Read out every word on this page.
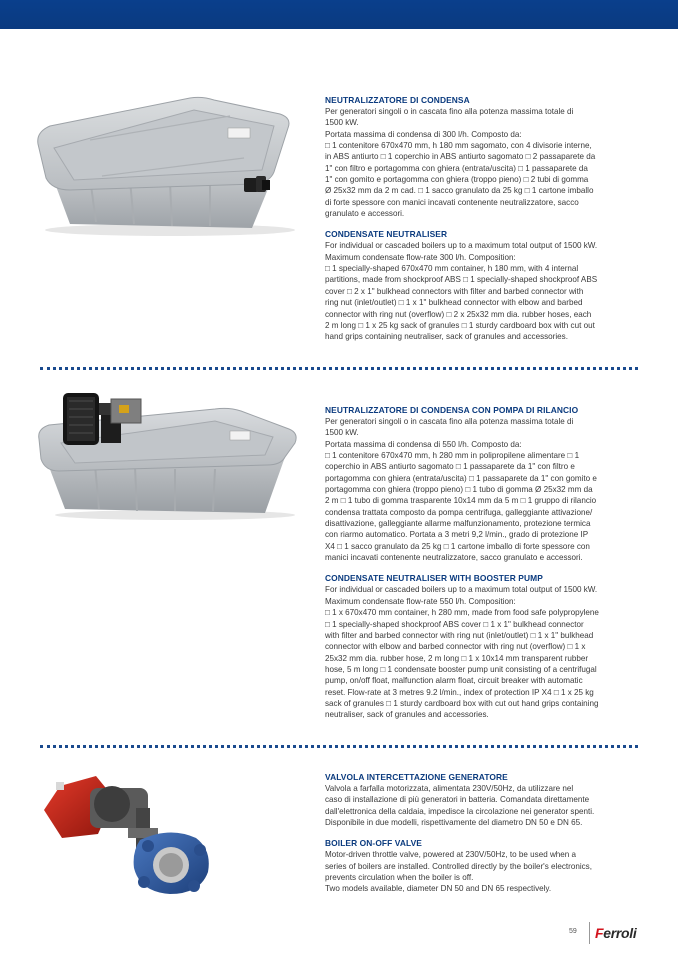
NEUTRALIZZATORE DI CONDENSA

Per generatori singoli o in cascata fino alla potenza massima totale di
1500 kW.
Portata massima di condensa di 300 l/h. Composto da:
□ 1 contenitore 670x470 mm, h 180 mm sagomato, con 4 divisorie interne,
in ABS antiurto □ 1 coperchio in ABS antiurto sagomato □ 2 passaparete da
1" con filtro e portagomma con ghiera (entrata/uscita) □ 1 passaparete da
1" con gomito e portagomma con ghiera (troppo pieno) □ 2 tubi di gomma
Ø 25x32 mm da 2 m cad. □ 1 sacco granulato da 25 kg □ 1 cartone imballo
di forte spessore con manici incavati contenente neutralizzatore, sacco
granulato e accessori.

CONDENSATE NEUTRALISER

For individual or cascaded boilers up to a maximum total output of 1500 kW.
Maximum condensate flow-rate 300 l/h. Composition:
□ 1 specially-shaped 670x470 mm container, h 180 mm, with 4 internal
partitions, made from shockproof ABS □ 1 specially-shaped shockproof ABS
cover □ 2 x 1" bulkhead connectors with filter and barbed connector with
ring nut (inlet/outlet) □ 1 x 1" bulkhead connector with elbow and barbed
connector with ring nut (overflow) □ 2 x 25x32 mm dia. rubber hoses, each
2 m long □ 1 x 25 kg sack of granules □ 1 sturdy cardboard box with cut out
hand grips containing neutraliser, sack of granules and accessories.

NEUTRALIZZATORE DI CONDENSA CON POMPA DI RILANCIO

Per generatori singoli o in cascata fino alla potenza massima totale di
1500 kW.
Portata massima di condensa di 550 l/h. Composto da:
□ 1 contenitore 670x470 mm, h 280 mm in polipropilene alimentare □ 1
coperchio in ABS antiurto sagomato □ 1 passaparete da 1" con filtro e
portagomma con ghiera (entrata/uscita) □ 1 passaparete da 1" con gomito e
portagomma con ghiera (troppo pieno) □ 1 tubo di gomma Ø 25x32 mm da
2 m □ 1 tubo di gomma trasparente 10x14 mm da 5 m □ 1 gruppo di rilancio
condensa trattata composto da pompa centrifuga, galleggiante attivazione/
disattivazione, galleggiante allarme malfunzionamento, protezione termica
con riarmo automatico. Portata a 3 metri 9,2 l/min., grado di protezione IP
X4 □ 1 sacco granulato da 25 kg □ 1 cartone imballo di forte spessore con
manici incavati contenente neutralizzatore, sacco granulato e accessori.

CONDENSATE NEUTRALISER WITH BOOSTER PUMP

For individual or cascaded boilers up to a maximum total output of 1500 kW.
Maximum condensate flow-rate 550 l/h. Composition:
□ 1 x 670x470 mm container, h 280 mm, made from food safe polypropylene
□ 1 specially-shaped shockproof ABS cover □ 1 x 1" bulkhead connector
with filter and barbed connector with ring nut (inlet/outlet) □ 1 x 1" bulkhead
connector with elbow and barbed connector with ring nut (overflow) □ 1 x
25x32 mm dia. rubber hose, 2 m long □ 1 x 10x14 mm transparent rubber
hose, 5 m long □ 1 condensate booster pump unit consisting of a centrifugal
pump, on/off float, malfunction alarm float, circuit breaker with automatic
reset. Flow-rate at 3 metres 9.2 l/min., index of protection IP X4 □ 1 x 25 kg
sack of granules □ 1 sturdy cardboard box with cut out hand grips containing
neutraliser, sack of granules and accessories.

VALVOLA INTERCETTAZIONE GENERATORE

Valvola a farfalla motorizzata, alimentata 230V/50Hz, da utilizzare nel
caso di installazione di più generatori in batteria. Comandata direttamente
dall'elettronica della caldaia, impedisce la circolazione nei generator spenti.
Disponibile in due modelli, rispettivamente del diametro DN 50 e DN 65.

BOILER ON-OFF VALVE

Motor-driven throttle valve, powered at 230V/50Hz, to be used when a
series of boilers are installed. Controlled directly by the boiler's electronics,
prevents circulation when the boiler is off.
Two models available, diameter DN 50 and DN 65 respectively.

59 Ferroli
